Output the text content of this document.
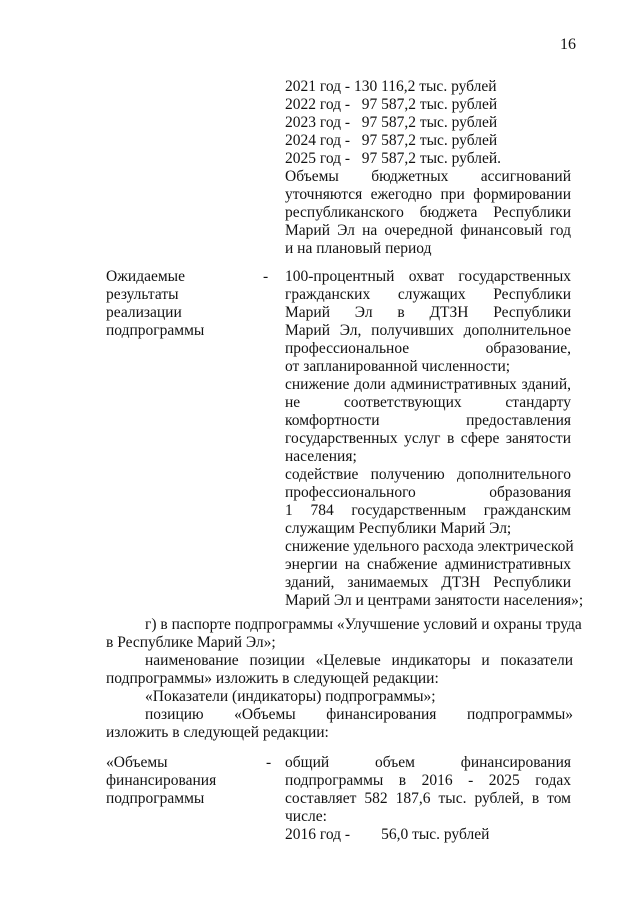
16
2021 год - 130 116,2 тыс. рублей
2022 год -   97 587,2 тыс. рублей
2023 год -   97 587,2 тыс. рублей
2024 год -   97 587,2 тыс. рублей
2025 год -   97 587,2 тыс. рублей.
Объемы бюджетных ассигнований
уточняются ежегодно при формировании
республиканского бюджета Республики
Марий Эл на очередной финансовый год
и на плановый период
Ожидаемые
результаты
реализации
подпрограммы
- 100-процентный охват государственных
гражданских служащих Республики
Марий Эл в ДТЗН Республики
Марий Эл, получивших дополнительное
профессиональное образование,
от запланированной численности;
снижение доли административных зданий,
не соответствующих стандарту
комфортности предоставления
государственных услуг в сфере занятости
населения;
содействие получению дополнительного
профессионального образования
1 784 государственным гражданским
служащим Республики Марий Эл;
снижение удельного расхода электрической
энергии на снабжение административных
зданий, занимаемых ДТЗН Республики
Марий Эл и центрами занятости населения»;
г) в паспорте подпрограммы «Улучшение условий и охраны труда
в Республике Марий Эл»;
наименование позиции «Целевые индикаторы и показатели
подпрограммы» изложить в следующей редакции:
«Показатели (индикаторы) подпрограммы»;
позицию «Объемы финансирования подпрограммы»
изложить в следующей редакции:
«Объемы
финансирования
подпрограммы
- общий объем финансирования
подпрограммы в 2016 - 2025 годах
составляет 582 187,6 тыс. рублей, в том
числе:
2016 год -        56,0 тыс. рублей
